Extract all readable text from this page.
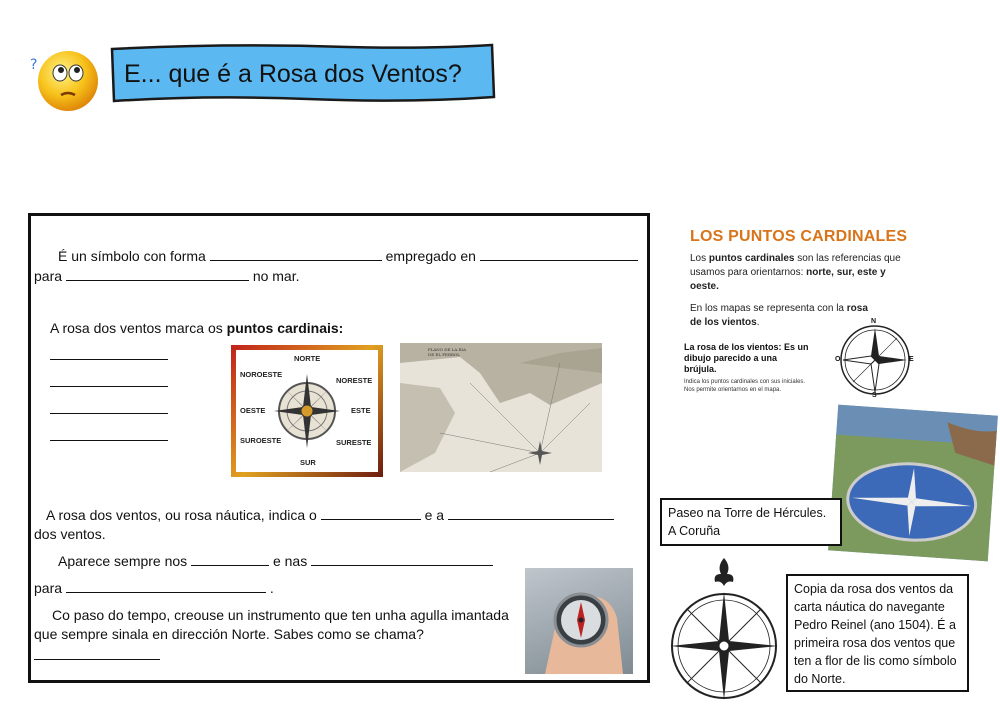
?	E... que é a Rosa dos Ventos?
É un símbolo con forma	empregado en
para	no mar.
A rosa dos ventos marca os puntos cardinais:
NORTE
NOROESTE
NORESTE
OESTE	ESTE
SUROESTE	SURESTE
SUR
PLANO DE LA RIA DE EL FERROL
A rosa dos ventos, ou rosa náutica, indica o	e a
dos ventos.
Aparece sempre nos	e nas
para	.
Co paso do tempo, creouse un instrumento que ten unha agulla imantada
que sempre sinala en dirección Norte. Sabes como se chama?
LOS PUNTOS CARDINALES
Los puntos cardinales son las referencias que
usamos para orientarnos: norte, sur, este y
oeste.
En los mapas se representa con la rosa
de los vientos.
La rosa de los vientos: Es un
dibujo parecido a una
brújula.
Indica los puntos cardinales con sus iniciales.
Nos permite orientarnos en el mapa.
N
S
E
O
Paseo na Torre de Hércules.
A Coruña
Copia da rosa dos ventos da
carta náutica do navegante
Pedro Reinel (ano 1504). É a
primeira rosa dos ventos que
ten a flor de lis como símbolo
do Norte.
